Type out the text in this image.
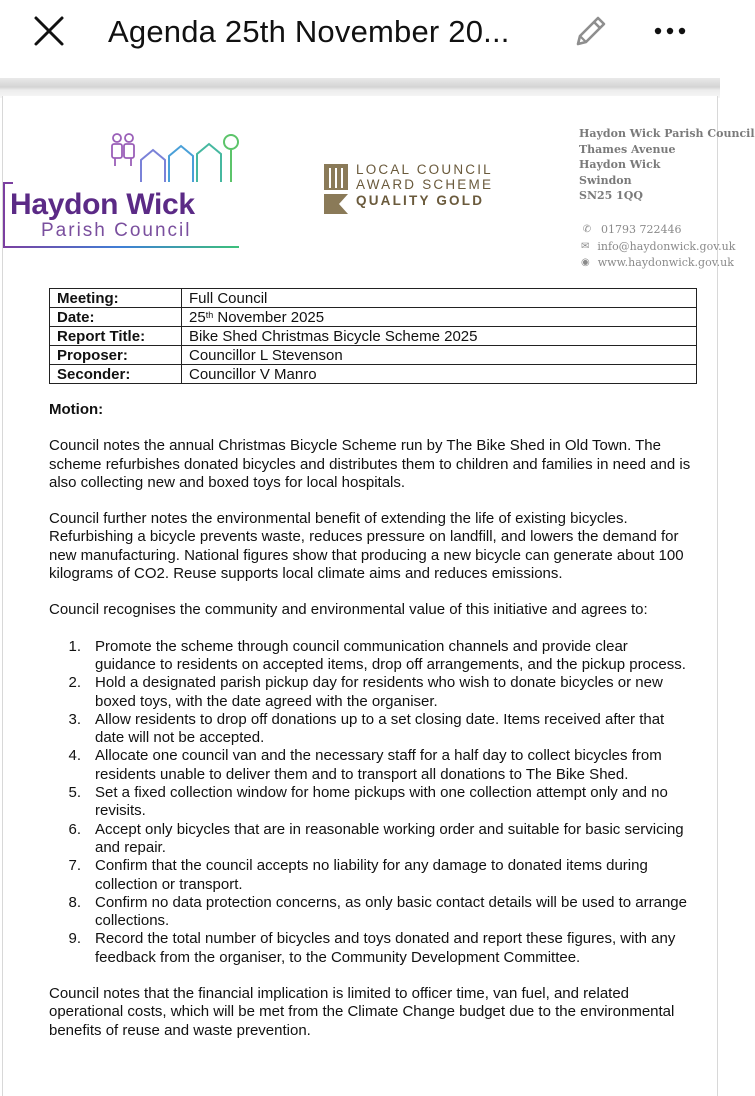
Agenda 25th November 20...
Haydon Wick
Parish Council
LOCAL COUNCIL
AWARD SCHEME
QUALITY GOLD
Haydon Wick Parish Council
Thames Avenue
Haydon Wick
Swindon
SN25 1QQ
✆ 01793 722446
✉ info@haydonwick.gov.uk
◉ www.haydonwick.gov.uk
Meeting:	Full Council
Date:	25th November 2025
Report Title:	Bike Shed Christmas Bicycle Scheme 2025
Proposer:	Councillor L Stevenson
Seconder:	Councillor V Manro
Motion:
Council notes the annual Christmas Bicycle Scheme run by The Bike Shed in Old Town. The scheme refurbishes donated bicycles and distributes them to children and families in need and is also collecting new and boxed toys for local hospitals.
Council further notes the environmental benefit of extending the life of existing bicycles. Refurbishing a bicycle prevents waste, reduces pressure on landfill, and lowers the demand for new manufacturing. National figures show that producing a new bicycle can generate about 100 kilograms of CO2. Reuse supports local climate aims and reduces emissions.
Council recognises the community and environmental value of this initiative and agrees to:
1. Promote the scheme through council communication channels and provide clear guidance to residents on accepted items, drop off arrangements, and the pickup process.
2. Hold a designated parish pickup day for residents who wish to donate bicycles or new boxed toys, with the date agreed with the organiser.
3. Allow residents to drop off donations up to a set closing date. Items received after that date will not be accepted.
4. Allocate one council van and the necessary staff for a half day to collect bicycles from residents unable to deliver them and to transport all donations to The Bike Shed.
5. Set a fixed collection window for home pickups with one collection attempt only and no revisits.
6. Accept only bicycles that are in reasonable working order and suitable for basic servicing and repair.
7. Confirm that the council accepts no liability for any damage to donated items during collection or transport.
8. Confirm no data protection concerns, as only basic contact details will be used to arrange collections.
9. Record the total number of bicycles and toys donated and report these figures, with any feedback from the organiser, to the Community Development Committee.
Council notes that the financial implication is limited to officer time, van fuel, and related operational costs, which will be met from the Climate Change budget due to the environmental benefits of reuse and waste prevention.
